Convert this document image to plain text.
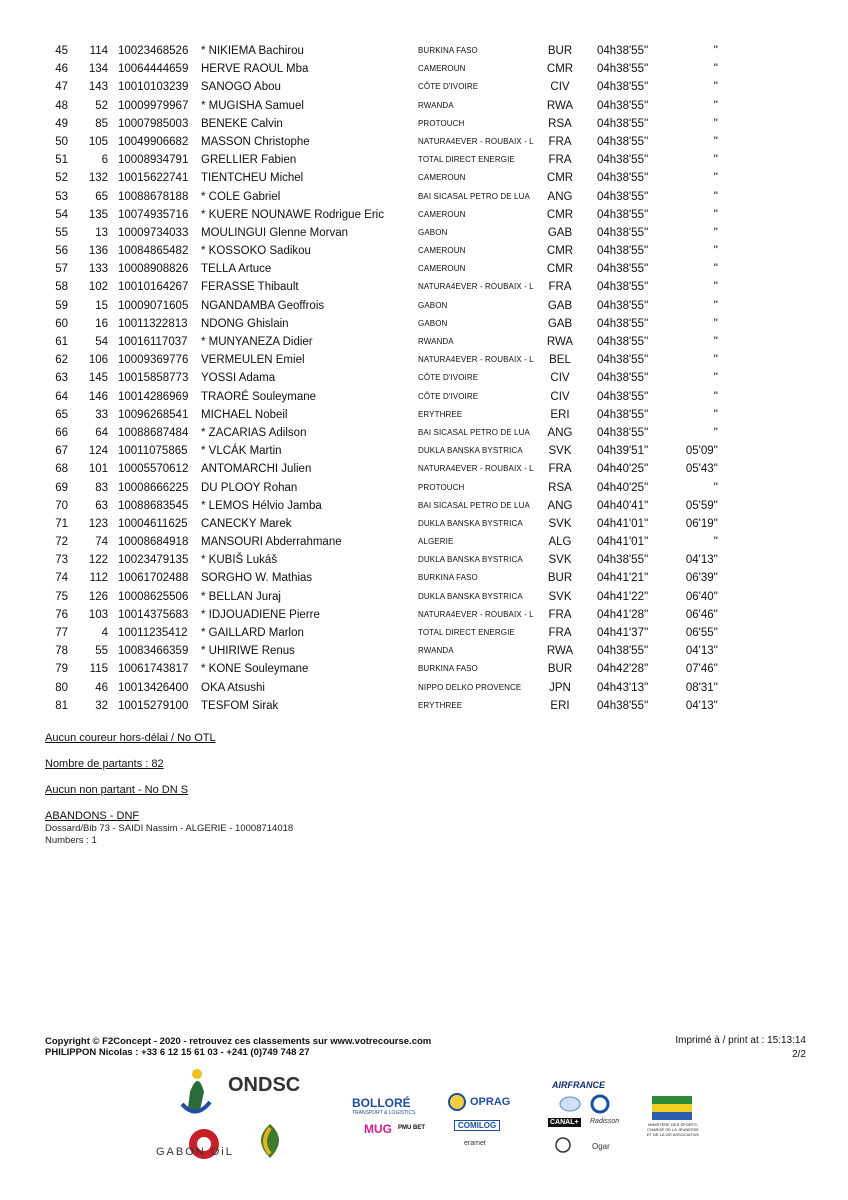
45	114 10023468526 * NIKIEMA Bachirou	BURKINA FASO	BUR 04h38'55''	''
46	134 10064444659 HERVE RAOUL Mba	CAMEROUN	CMR 04h38'55''	''
47	143 10010103239 SANOGO Abou	CÔTE D'IVOIRE	CIV	04h38'55''	''
48	52 10009979967 * MUGISHA Samuel	RWANDA	RWA 04h38'55''	''
49	85 10007985003 BENEKE Calvin	PROTOUCH	RSA 04h38'55''	''
50	105 10049906682 MASSON Christophe	NATURA4EVER - ROUBAIX - L	FRA	04h38'55''	''
51	6 10008934791 GRELLIER Fabien	TOTAL DIRECT ENERGIE	FRA	04h38'55''	''
52	132 10015622741 TIENTCHEU Michel	CAMEROUN	CMR 04h38'55''	''
53	65 10088678188 * COLE Gabriel	BAI SICASAL PETRO DE LUA ANG 04h38'55''	''
54	135 10074935716 * KUERE NOUNAWE Rodrigue Eric	CAMEROUN	CMR 04h38'55''	''
55	13 10009734033 MOULINGUI Glenne Morvan	GABON	GAB 04h38'55''	''
56	136 10084865482 * KOSSOKO Sadikou	CAMEROUN	CMR 04h38'55''	''
57	133 10008908826 TELLA Artuce	CAMEROUN	CMR 04h38'55''	''
58	102 10010164267 FERASSE Thibault	NATURA4EVER - ROUBAIX - L	FRA	04h38'55''	''
59	15 10009071605 NGANDAMBA Geoffrois	GABON	GAB 04h38'55''	''
60	16 10011322813 NDONG Ghislain	GABON	GAB 04h38'55''	''
61	54 10016117037 * MUNYANEZA Didier	RWANDA	RWA 04h38'55''	''
62	106 10009369776 VERMEULEN Emiel	NATURA4EVER - ROUBAIX - L	BEL	04h38'55''	''
63	145 10015858773 YOSSI Adama	CÔTE D'IVOIRE	CIV	04h38'55''	''
64	146 10014286969 TRAORÉ Souleymane	CÔTE D'IVOIRE	CIV	04h38'55''	''
65	33 10096268541 MICHAEL Nobeil	ERYTHREE	ERI	04h38'55''	''
66	64 10088687484 * ZACARIAS Adilson	BAI SICASAL PETRO DE LUA ANG 04h38'55''	''
67	124 10011075865 * VLCÁK Martin	DUKLA BANSKA BYSTRICA	SVK	04h39'51''	05'09''
68	101 10005570612 ANTOMARCHI Julien	NATURA4EVER - ROUBAIX - L	FRA	04h40'25''	05'43''
69	83 10008666225 DU PLOOY Rohan	PROTOUCH	RSA 04h40'25''	''
70	63 10088683545 * LEMOS Hélvio Jamba	BAI SICASAL PETRO DE LUA ANG 04h40'41''	05'59''
71	123 10004611625 CANECKY Marek	DUKLA BANSKA BYSTRICA	SVK	04h41'01''	06'19''
72	74 10008684918 MANSOURI Abderrahmane	ALGERIE	ALG	04h41'01''	''
73	122 10023479135 * KUBIŠ Lukáš	DUKLA BANSKA BYSTRICA	SVK	04h38'55''	04'13''
74	112 10061702488 SORGHO W. Mathias	BURKINA FASO	BUR 04h41'21''	06'39''
75	126 10008625506 * BELLAN Juraj	DUKLA BANSKA BYSTRICA	SVK	04h41'22''	06'40''
76	103 10014375683 * IDJOUADIENE Pierre	NATURA4EVER - ROUBAIX - L	FRA	04h41'28''	06'46''
77	4 10011235412 * GAILLARD Marlon	TOTAL DIRECT ENERGIE	FRA	04h41'37''	06'55''
78	55 10083466359 * UHIRIWE Renus	RWANDA	RWA 04h38'55''	04'13''
79	115 10061743817 * KONE Souleymane	BURKINA FASO	BUR 04h42'28''	07'46''
80	46 10013426400 OKA Atsushi	NIPPO DELKO PROVENCE	JPN	04h43'13''	08'31''
81	32 10015279100 TESFOM Sirak	ERYTHREE	ERI	04h38'55''	04'13''
Aucun coureur hors-délai / No OTL
Nombre de partants : 82
Aucun non partant - No DN S
ABANDONS - DNF
Dossard/Bib 73 - SAIDI Nassim - ALGERIE - 10008714018
Numbers : 1
Copyright © F2Concept - 2020 - retrouvez ces classements sur www.votrecourse.com
PHILIPPON Nicolas : +33 6 12 15 61 03 - +241 (0)749 748 27
Imprimé à / print at : 15:13:14
2/2
ONDSC
GABON OiL
BOLLORÉ
TRANSPORT & LOGISTICS
OPRAG
MUG PMU BET	COMILOG
eramet
AIRFRANCE
CANAL+ Radisson
Ogar
MINISTÈRE DES SPORTS, CHARGÉ DE LA JEUNESSE ET DE LA VIE ASSOCIATIVE
